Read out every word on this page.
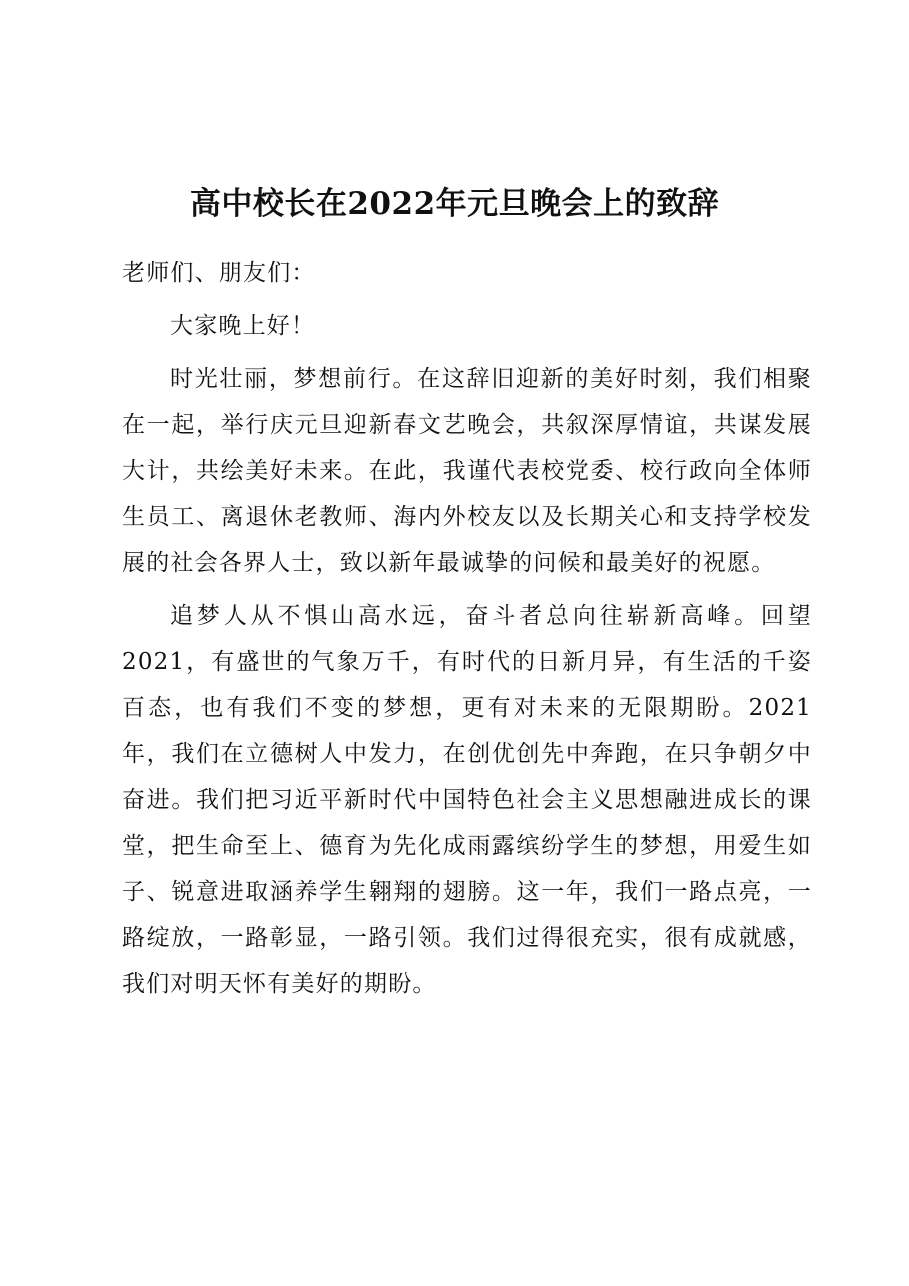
高中校长在2022年元旦晚会上的致辞

老师们、朋友们：

大家晚上好！

时光壮丽，梦想前行。在这辞旧迎新的美好时刻，我们相聚在一起，举行庆元旦迎新春文艺晚会，共叙深厚情谊，共谋发展大计，共绘美好未来。在此，我谨代表校党委、校行政向全体师生员工、离退休老教师、海内外校友以及长期关心和支持学校发展的社会各界人士，致以新年最诚挚的问候和最美好的祝愿。

追梦人从不惧山高水远，奋斗者总向往崭新高峰。回望2021，有盛世的气象万千，有时代的日新月异，有生活的千姿百态，也有我们不变的梦想，更有对未来的无限期盼。2021年，我们在立德树人中发力，在创优创先中奔跑，在只争朝夕中奋进。我们把习近平新时代中国特色社会主义思想融进成长的课堂，把生命至上、德育为先化成雨露缤纷学生的梦想，用爱生如子、锐意进取涵养学生翱翔的翅膀。这一年，我们一路点亮，一路绽放，一路彰显，一路引领。我们过得很充实，很有成就感，我们对明天怀有美好的期盼。
